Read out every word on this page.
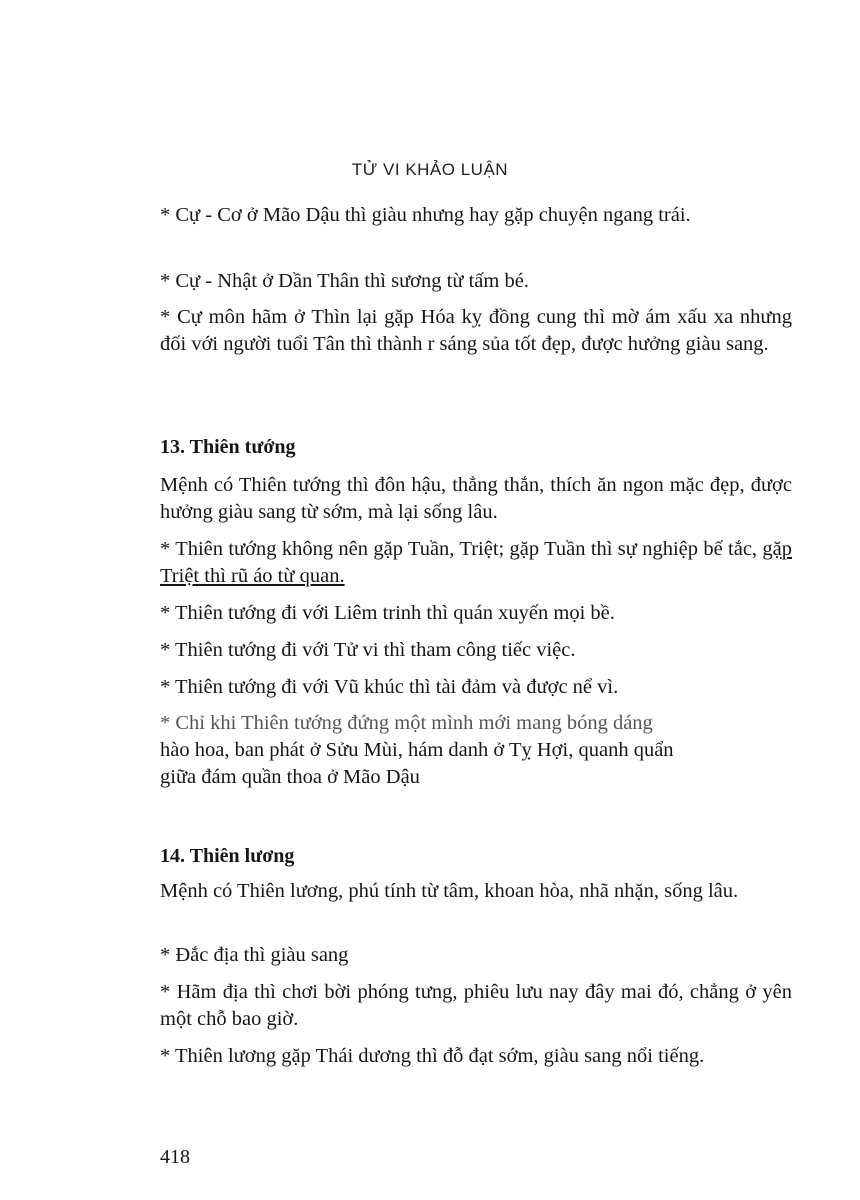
TỬ VI KHẢO LUẬN

* Cự - Cơ ở Mão Dậu thì giàu nhưng hay gặp chuyện ngang trái.

* Cự - Nhật ở Dần Thân thì sương từ tấm bé.

* Cự môn hãm ở Thìn lại gặp Hóa kỵ đồng cung thì mờ ám xấu xa nhưng đối với người tuổi Tân thì thành r sáng sủa tốt đẹp, được hưởng giàu sang.

13. Thiên tướng

Mệnh có Thiên tướng thì đôn hậu, thẳng thắn, thích ăn ngon mặc đẹp, được hưởng giàu sang từ sớm, mà lại sống lâu.

* Thiên tướng không nên gặp Tuần, Triệt; gặp Tuần thì sự nghiệp bế tắc, gặp Triệt thì rũ áo từ quan.

* Thiên tướng đi với Liêm trinh thì quán xuyến mọi bề.

* Thiên tướng đi với Tử vi thì tham công tiếc việc.

* Thiên tướng đi với Vũ khúc thì tài đảm và được nể vì.

* Chỉ khi Thiên tướng đứng một mình mới mang bóng dáng
hào hoa, ban phát ở Sửu Mùi, hám danh ở Tỵ Hợi, quanh quẩn
giữa đám quần thoa ở Mão Dậu

14. Thiên lương

Mệnh có Thiên lương, phú tính từ tâm, khoan hòa, nhã nhặn, sống lâu.

* Đắc địa thì giàu sang

* Hãm địa thì chơi bời phóng tưng, phiêu lưu nay đây mai đó, chẳng ở yên một chỗ bao giờ.

* Thiên lương gặp Thái dương thì đỗ đạt sớm, giàu sang nổi tiếng.

418
